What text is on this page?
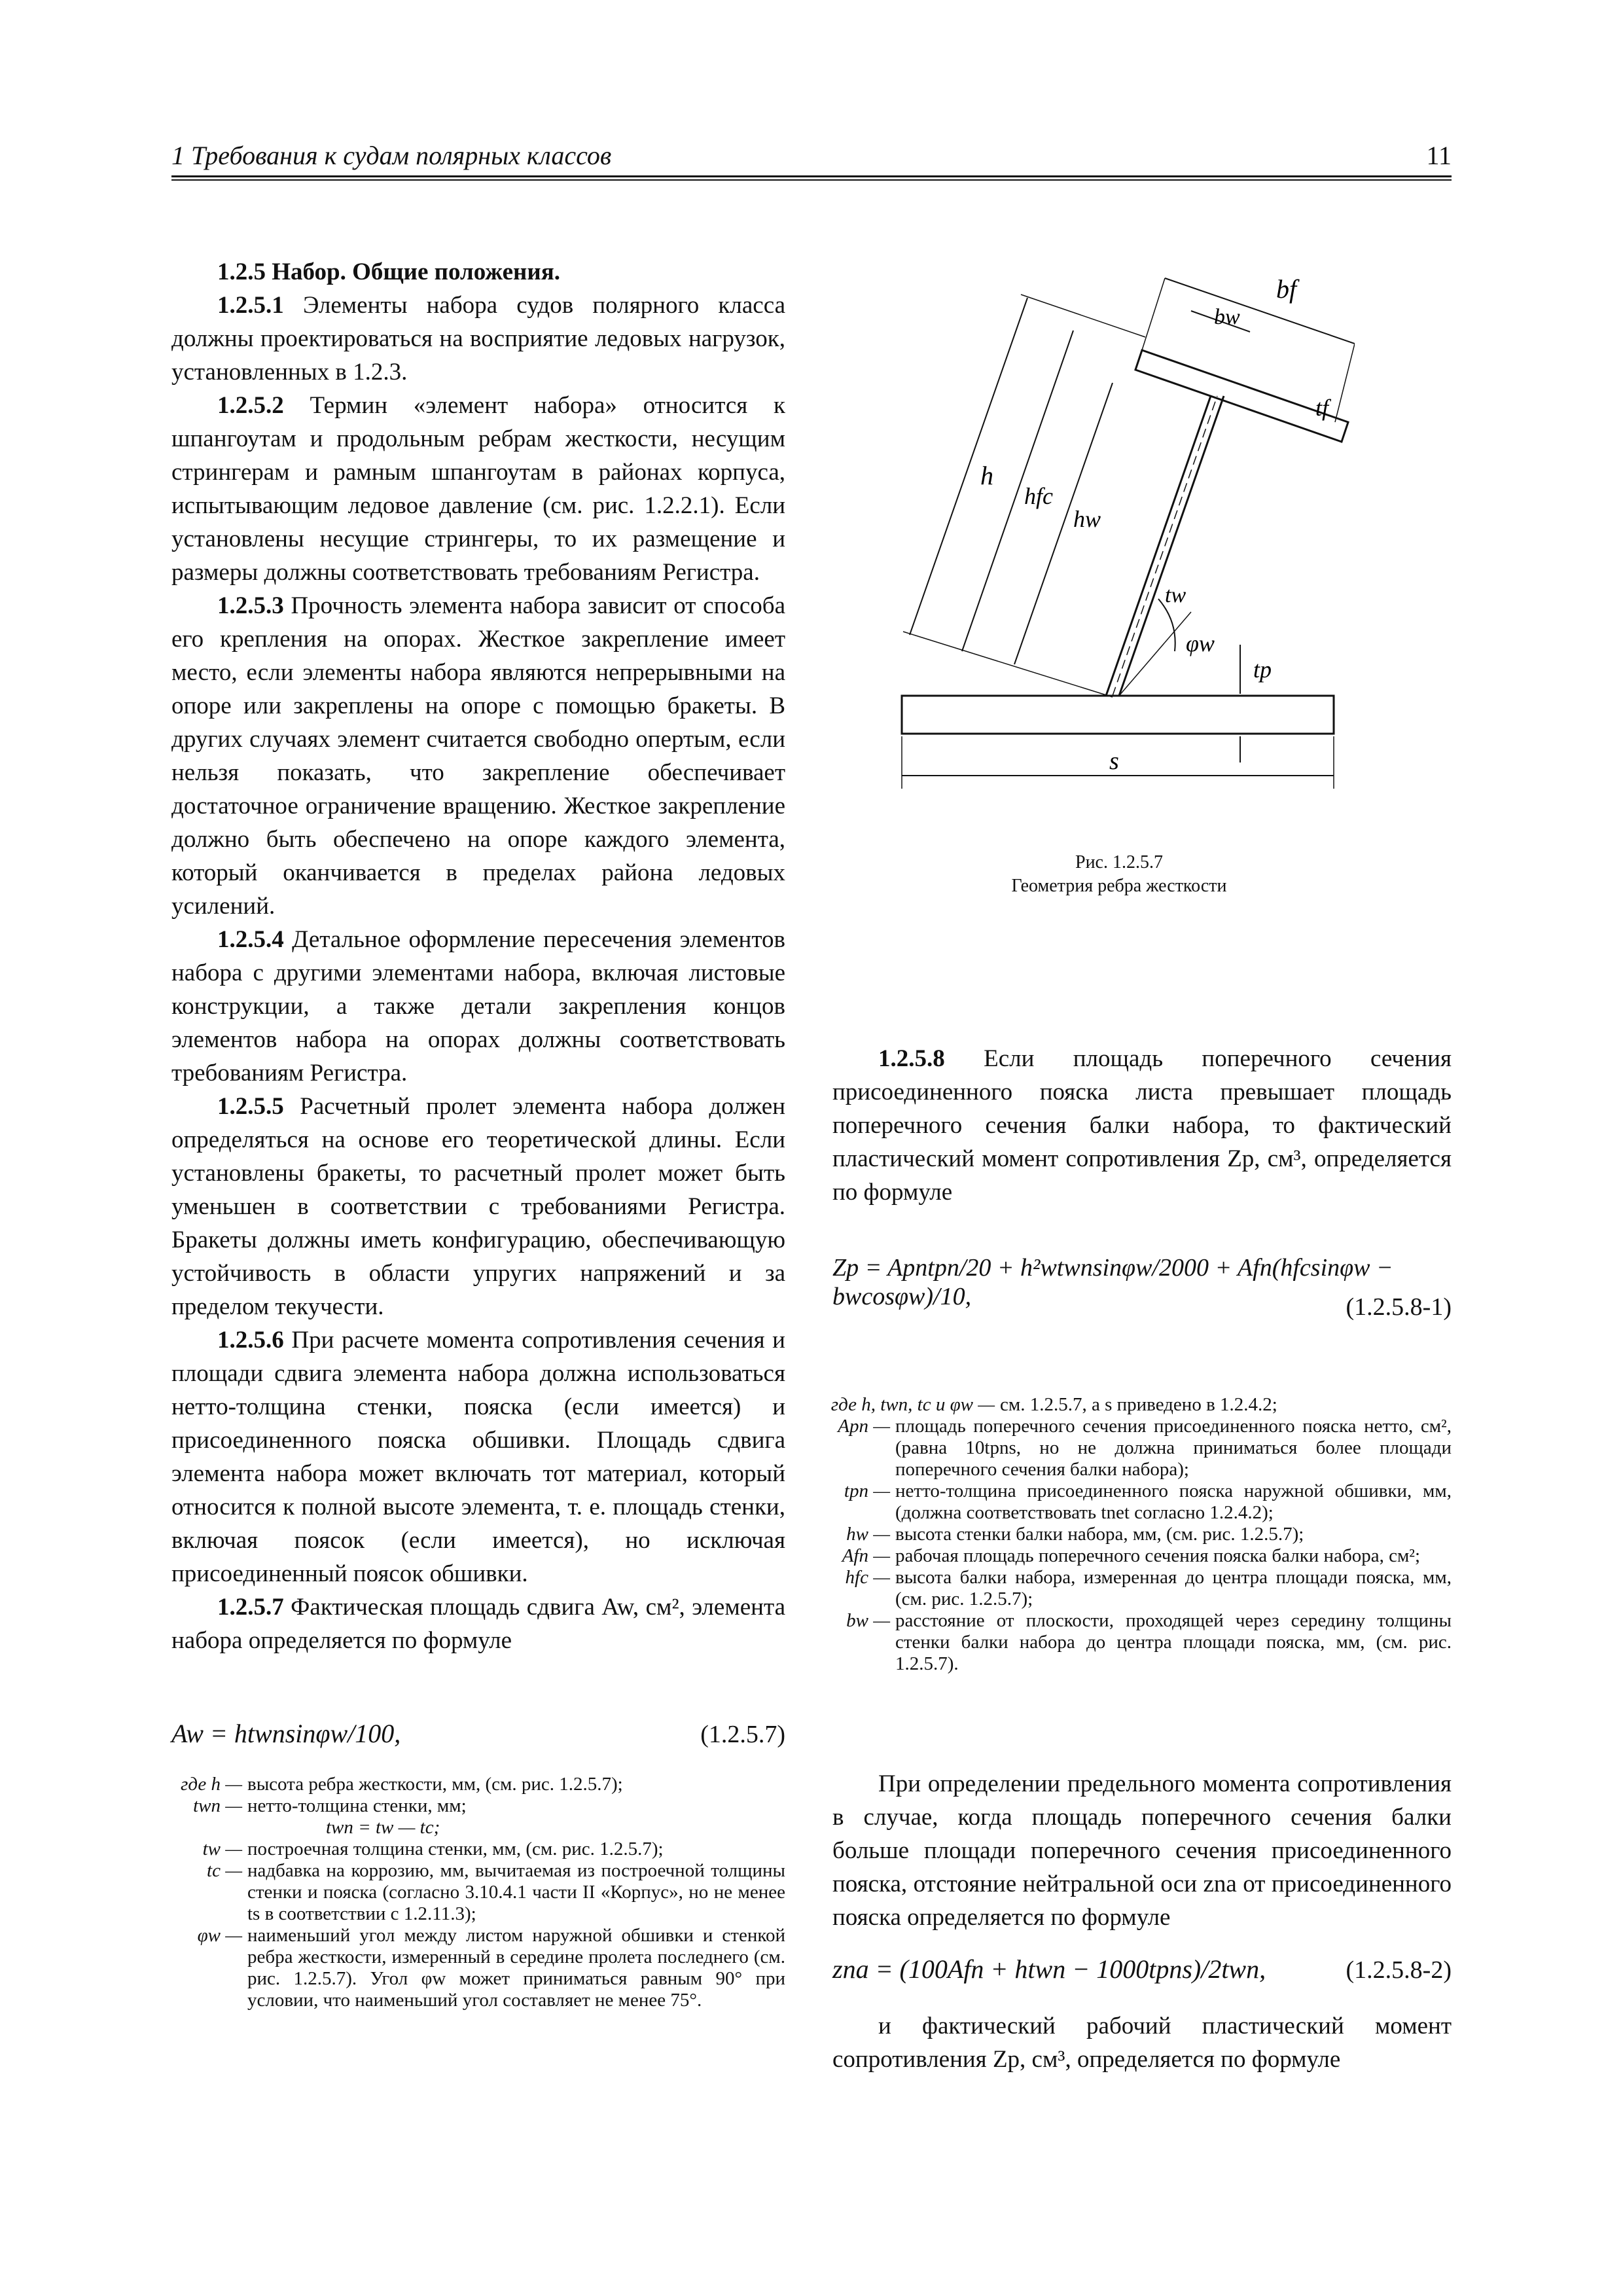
1 Требования к судам полярных классов	11

1.2.5 Набор. Общие положения.

1.2.5.1 Элементы набора судов полярного класса должны проектироваться на восприятие ледовых нагрузок, установленных в 1.2.3.

1.2.5.2 Термин «элемент набора» относится к шпангоутам и продольным ребрам жесткости, несущим стрингерам и рамным шпангоутам в районах корпуса, испытывающим ледовое давление (см. рис. 1.2.2.1). Если установлены несущие стрингеры, то их размещение и размеры должны соответствовать требованиям Регистра.

1.2.5.3 Прочность элемента набора зависит от способа его крепления на опорах. Жесткое закрепление имеет место, если элементы набора являются непрерывными на опоре или закреплены на опоре с помощью бракеты. В других случаях элемент считается свободно опертым, если нельзя показать, что закрепление обеспечивает достаточное ограничение вращению. Жесткое закрепление должно быть обеспечено на опоре каждого элемента, который оканчивается в пределах района ледовых усилений.

1.2.5.4 Детальное оформление пересечения элементов набора с другими элементами набора, включая листовые конструкции, а также детали закрепления концов элементов набора на опорах должны соответствовать требованиям Регистра.

1.2.5.5 Расчетный пролет элемента набора должен определяться на основе его теоретической длины. Если установлены бракеты, то расчетный пролет может быть уменьшен в соответствии с требованиями Регистра. Бракеты должны иметь конфигурацию, обеспечивающую устойчивость в области упругих напряжений и за пределом текучести.

1.2.5.6 При расчете момента сопротивления сечения и площади сдвига элемента набора должна использоваться нетто-толщина стенки, пояска (если имеется) и присоединенного пояска обшивки. Площадь сдвига элемента набора может включать тот материал, который относится к полной высоте элемента, т. е. площадь стенки, включая поясок (если имеется), но исключая присоединенный поясок обшивки.

1.2.5.7 Фактическая площадь сдвига Aw, см², элемента набора определяется по формуле

Aw = htwnsinφw/100,	(1.2.5.7)
где h — высота ребра жесткости, мм, (см. рис. 1.2.5.7);
twn — нетто-толщина стенки, мм;
twn = tw — tc;
tw — построечная толщина стенки, мм, (см. рис. 1.2.5.7);
tc — надбавка на коррозию, мм, вычитаемая из построечной толщины стенки и пояска (согласно 3.10.4.1 части II «Корпус», но не менее ts в соответствии с 1.2.11.3);
φw — наименьший угол между листом наружной обшивки и стенкой ребра жесткости, измеренный в середине пролета последнего (см. рис. 1.2.5.7). Угол φw может приниматься равным 90° при условии, что наименьший угол составляет не менее 75°.
h
hfc
hw
bf
bw
tf
tw
φw
tp
s
Рис. 1.2.5.7
Геометрия ребра жесткости

1.2.5.8 Если площадь поперечного сечения присоединенного пояска листа превышает площадь поперечного сечения балки набора, то фактический пластический момент сопротивления Zp, см³, определяется по формуле

Zp = Apntpn/20 + h²wtwnsinφw/2000 + Afn(hfcsinφw − bwcosφw)/10,	(1.2.5.8-1)
где h, twn, tc и φw — см. 1.2.5.7, а s приведено в 1.2.4.2;
Apn — площадь поперечного сечения присоединенного пояска нетто, см², (равна 10tpns, но не должна приниматься более площади поперечного сечения балки набора);
tpn — нетто-толщина присоединенного пояска наружной обшивки, мм, (должна соответствовать tnet согласно 1.2.4.2);
hw — высота стенки балки набора, мм, (см. рис. 1.2.5.7);
Afn — рабочая площадь поперечного сечения пояска балки набора, см²;
hfc — высота балки набора, измеренная до центра площади пояска, мм, (см. рис. 1.2.5.7);
bw — расстояние от плоскости, проходящей через середину толщины стенки балки набора до центра площади пояска, мм, (см. рис. 1.2.5.7).

При определении предельного момента сопротивления в случае, когда площадь поперечного сечения балки больше площади поперечного сечения присоединенного пояска, отстояние нейтральной оси zna от присоединенного пояска определяется по формуле

zna = (100Afn + htwn − 1000tpns)/2twn,	(1.2.5.8-2)

и фактический рабочий пластический момент сопротивления Zp, см³, определяется по формуле
